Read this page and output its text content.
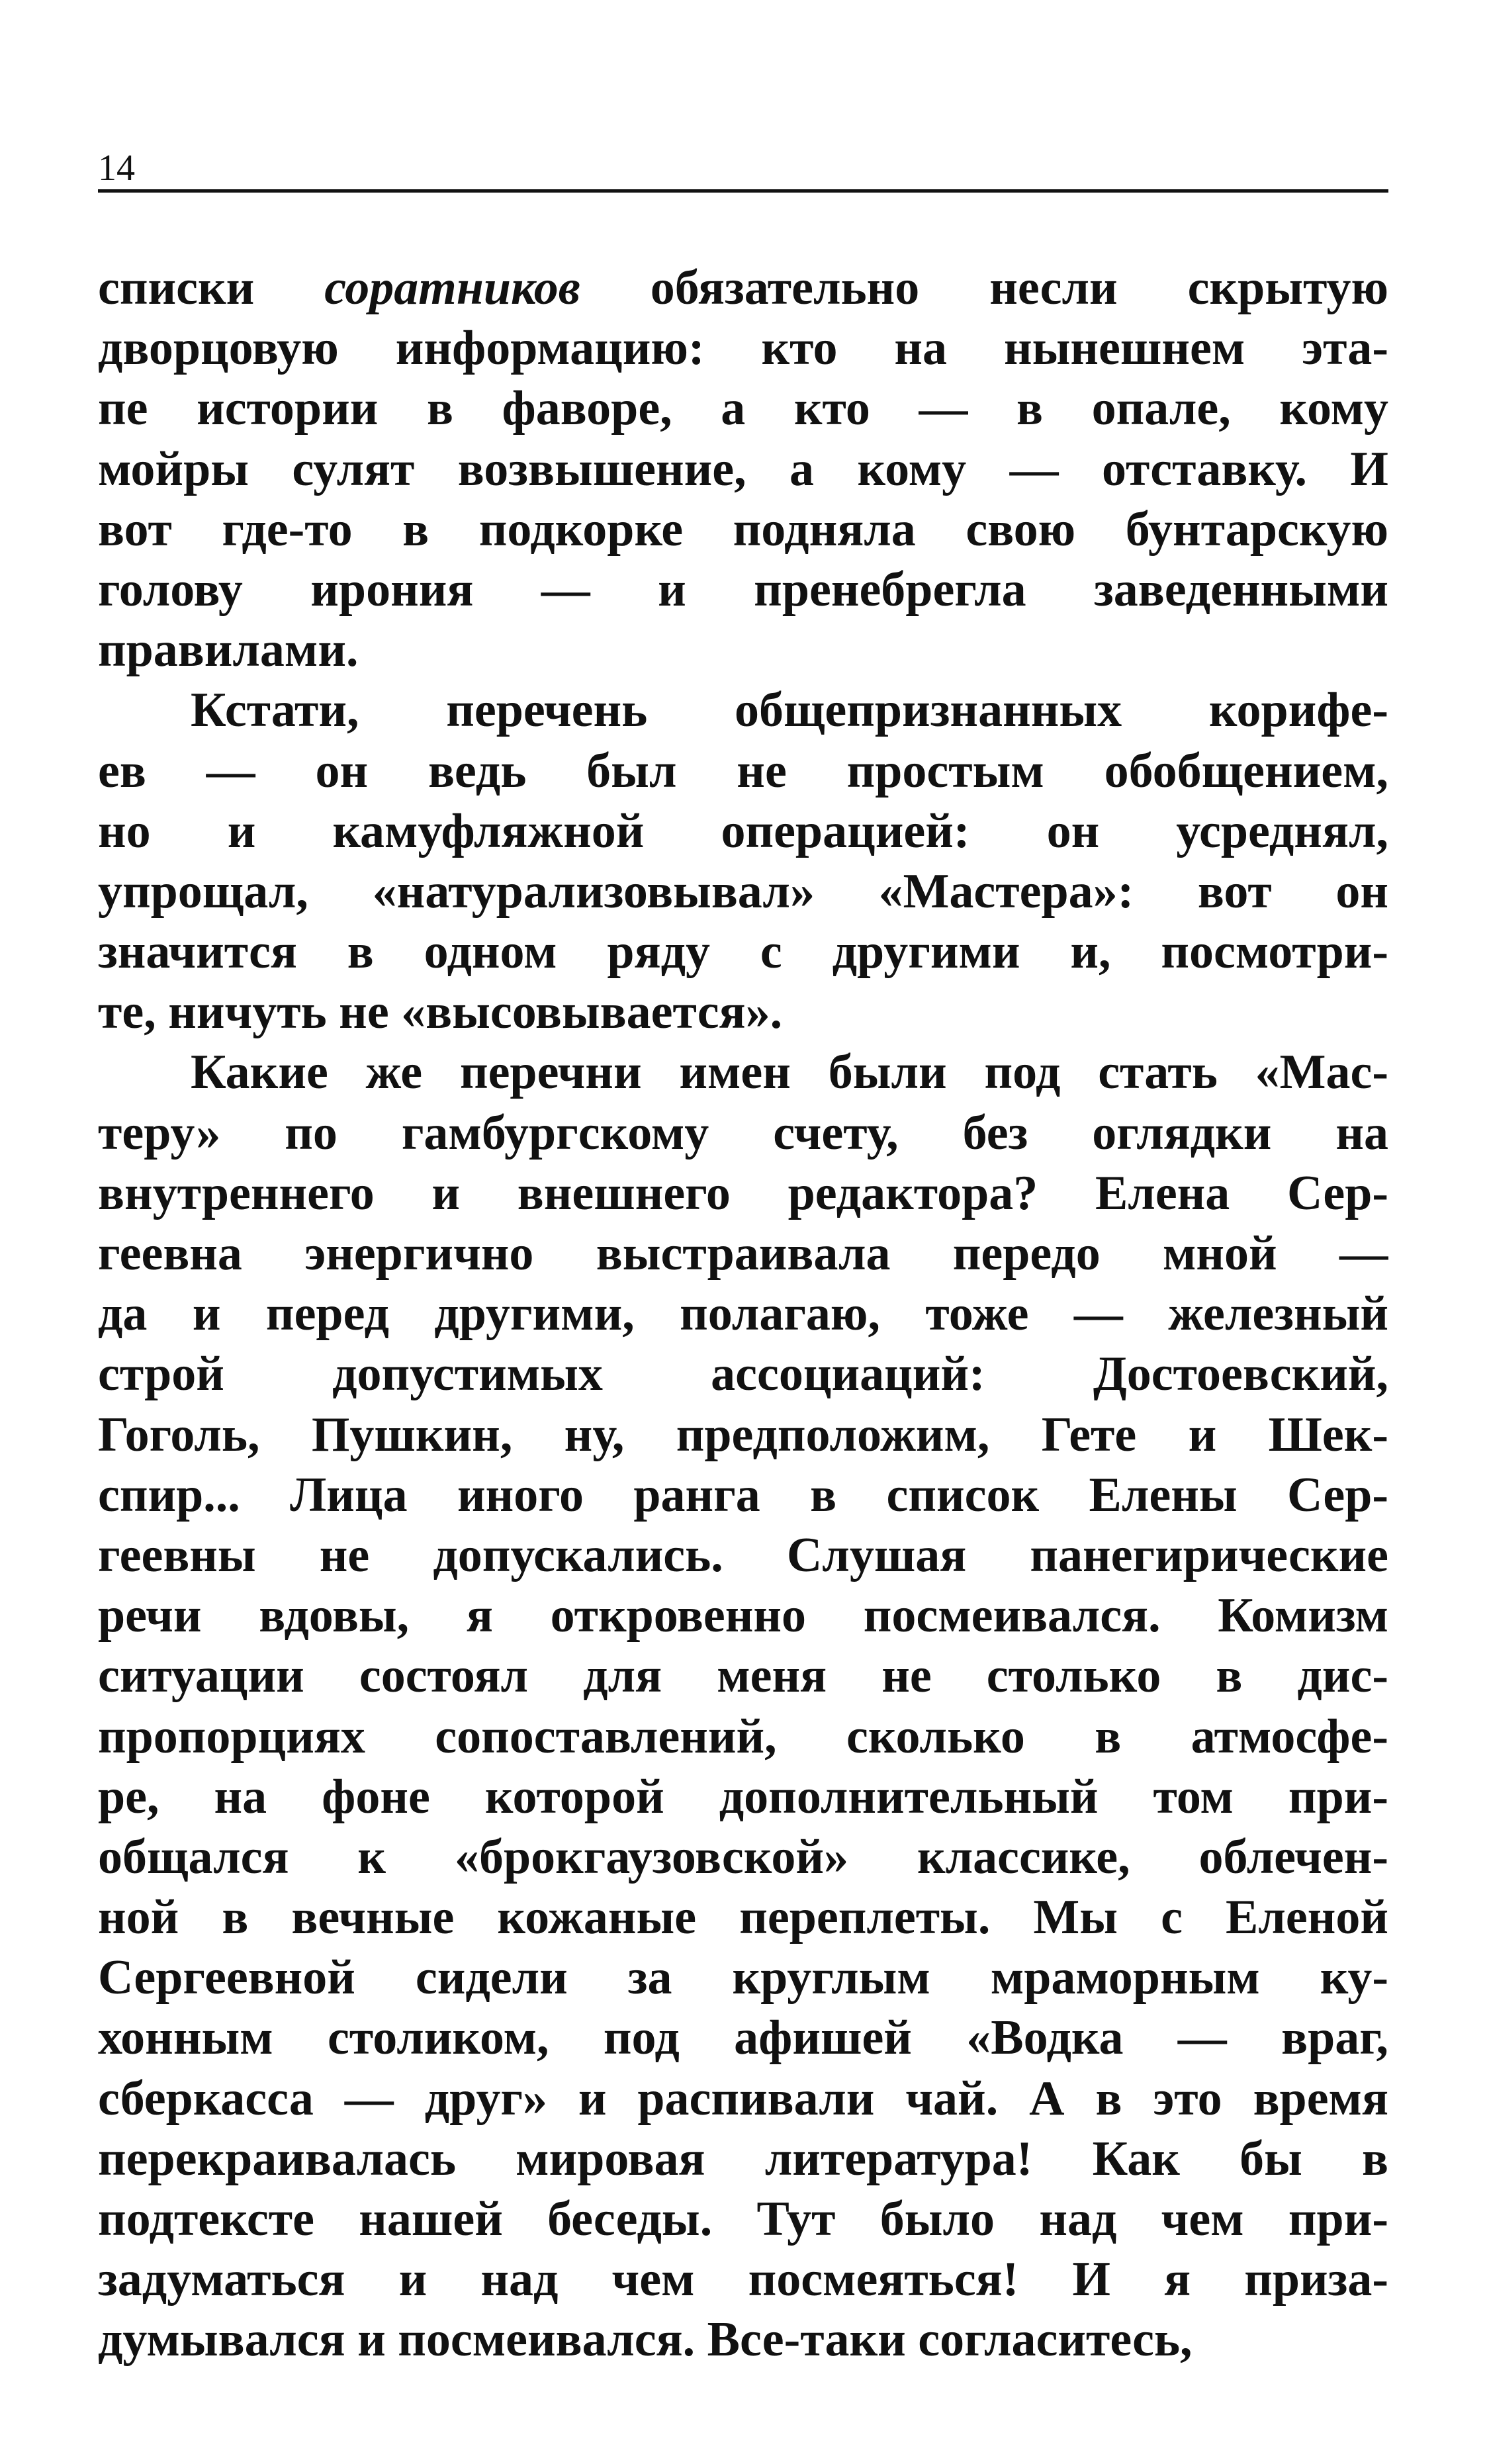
14
списки соратников обязательно несли скрытую
дворцовую информацию: кто на нынешнем эта-
пе истории в фаворе, а кто — в опале, кому
мойры сулят возвышение, а кому — отставку. И
вот где-то в подкорке подняла свою бунтарскую
голову ирония — и пренебрегла заведенными
правилами.
Кстати, перечень общепризнанных корифе-
ев — он ведь был не простым обобщением,
но и камуфляжной операцией: он усреднял,
упрощал, «натурализовывал» «Мастера»: вот он
значится в одном ряду с другими и, посмотри-
те, ничуть не «высовывается».
Какие же перечни имен были под стать «Мас-
теру» по гамбургскому счету, без оглядки на
внутреннего и внешнего редактора? Елена Сер-
геевна энергично выстраивала передо мной —
да и перед другими, полагаю, тоже — железный
строй допустимых ассоциаций: Достоевский,
Гоголь, Пушкин, ну, предположим, Гете и Шек-
спир... Лица иного ранга в список Елены Сер-
геевны не допускались. Слушая панегирические
речи вдовы, я откровенно посмеивался. Комизм
ситуации состоял для меня не столько в дис-
пропорциях сопоставлений, сколько в атмосфе-
ре, на фоне которой дополнительный том при-
общался к «брокгаузовской» классике, облечен-
ной в вечные кожаные переплеты. Мы с Еленой
Сергеевной сидели за круглым мраморным ку-
хонным столиком, под афишей «Водка — враг,
сберкасса — друг» и распивали чай. А в это время
перекраивалась мировая литература! Как бы в
подтексте нашей беседы. Тут было над чем при-
задуматься и над чем посмеяться! И я приза-
думывался и посмеивался. Все-таки согласитесь,
